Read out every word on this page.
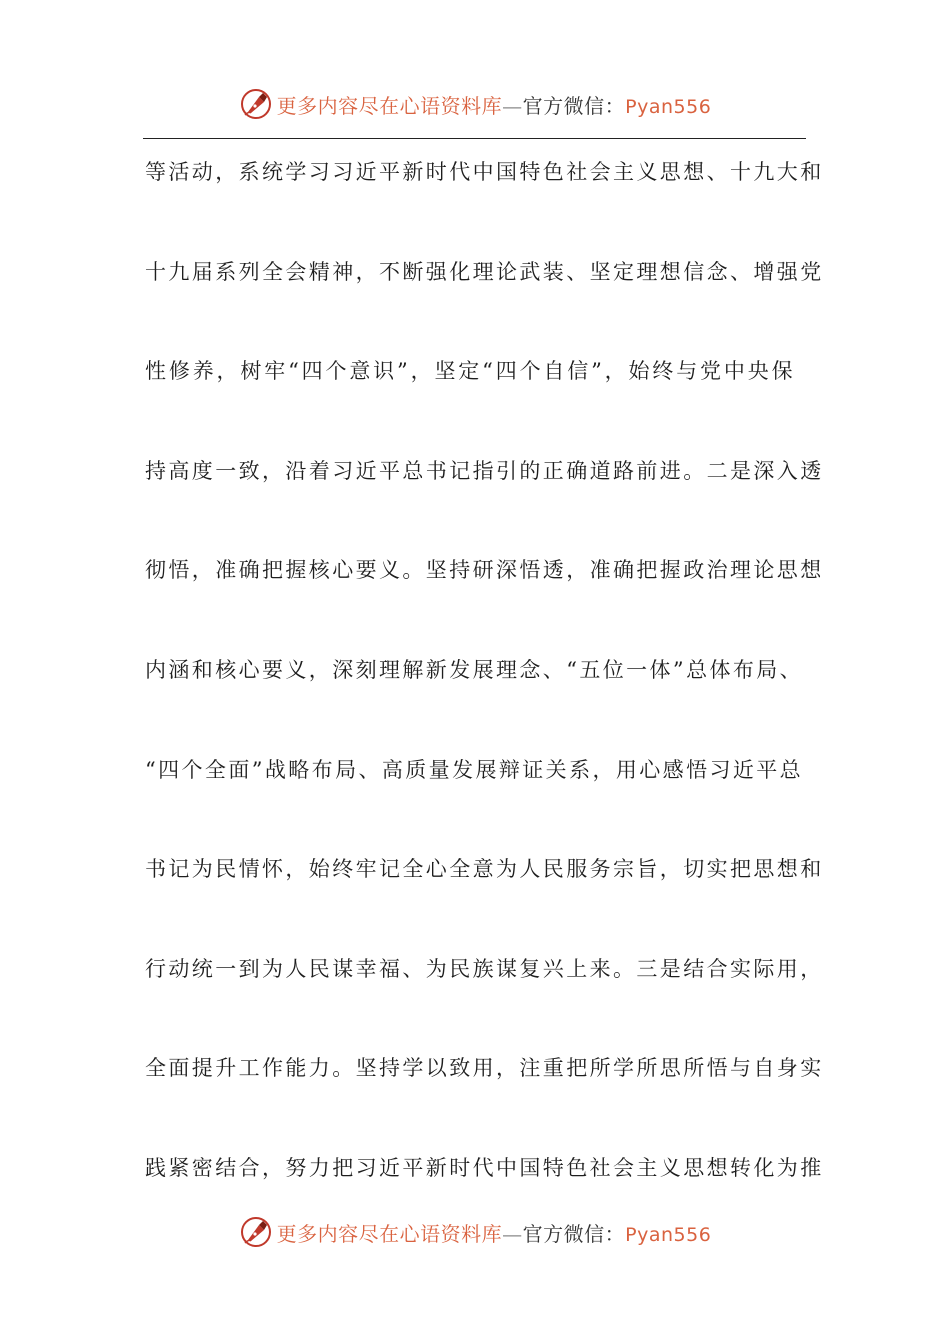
更多内容尽在心语资料库—官方微信：Pyan556
等活动，系统学习习近平新时代中国特色社会主义思想、十九大和
十九届系列全会精神，不断强化理论武装、坚定理想信念、增强党
性修养，树牢“四个意识”，坚定“四个自信”，始终与党中央保
持高度一致，沿着习近平总书记指引的正确道路前进。二是深入透
彻悟，准确把握核心要义。坚持研深悟透，准确把握政治理论思想
内涵和核心要义，深刻理解新发展理念、“五位一体”总体布局、
“四个全面”战略布局、高质量发展辩证关系，用心感悟习近平总
书记为民情怀，始终牢记全心全意为人民服务宗旨，切实把思想和
行动统一到为人民谋幸福、为民族谋复兴上来。三是结合实际用，
全面提升工作能力。坚持学以致用，注重把所学所思所悟与自身实
践紧密结合，努力把习近平新时代中国特色社会主义思想转化为推
更多内容尽在心语资料库—官方微信：Pyan556
